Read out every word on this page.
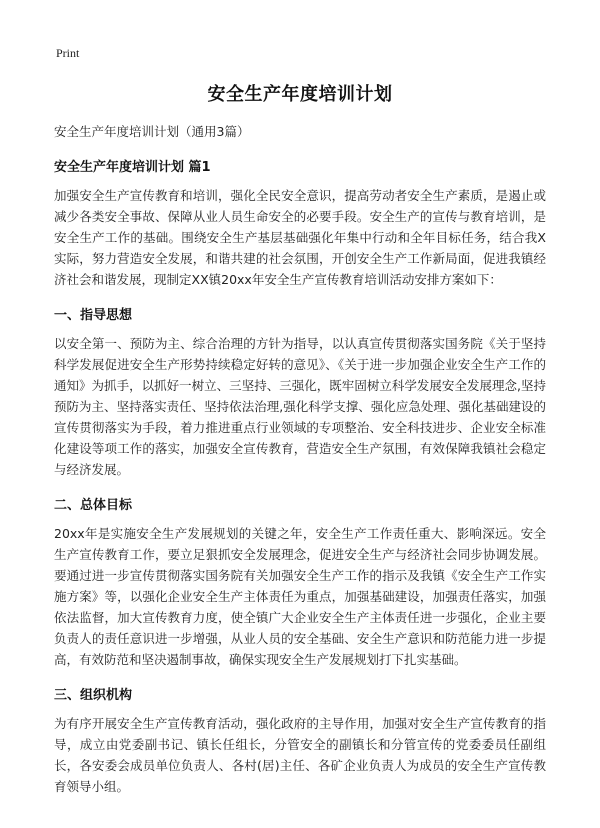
Print
安全生产年度培训计划
安全生产年度培训计划（通用3篇）
安全生产年度培训计划 篇1

加强安全生产宣传教育和培训，强化全民安全意识，提高劳动者安全生产素质，是遏止或减少各类安全事故、保障从业人员生命安全的必要手段。安全生产的宣传与教育培训，是安全生产工作的基础。围绕安全生产基层基础强化年集中行动和全年目标任务，结合我X实际，努力营造安全发展，和谐共建的社会氛围，开创安全生产工作新局面，促进我镇经济社会和谐发展，现制定XX镇20xx年安全生产宣传教育培训活动安排方案如下：

一、指导思想

以安全第一、预防为主、综合治理的方针为指导，以认真宣传贯彻落实国务院《关于坚持科学发展促进安全生产形势持续稳定好转的意见》、《关于进一步加强企业安全生产工作的通知》为抓手，以抓好一树立、三坚持、三强化，既牢固树立科学发展安全发展理念,坚持预防为主、坚持落实责任、坚持依法治理,强化科学支撑、强化应急处理、强化基础建设的宣传贯彻落实为手段，着力推进重点行业领域的专项整治、安全科技进步、企业安全标准化建设等项工作的落实，加强安全宣传教育，营造安全生产氛围，有效保障我镇社会稳定与经济发展。

二、总体目标

20xx年是实施安全生产发展规划的关键之年，安全生产工作责任重大、影响深远。安全生产宣传教育工作，要立足狠抓安全发展理念，促进安全生产与经济社会同步协调发展。要通过进一步宣传贯彻落实国务院有关加强安全生产工作的指示及我镇《安全生产工作实施方案》等，以强化企业安全生产主体责任为重点，加强基础建设，加强责任落实，加强依法监督，加大宣传教育力度，使全镇广大企业安全生产主体责任进一步强化，企业主要负责人的责任意识进一步增强，从业人员的安全基础、安全生产意识和防范能力进一步提高，有效防范和坚决遏制事故，确保实现安全生产发展规划打下扎实基础。

三、组织机构

为有序开展安全生产宣传教育活动，强化政府的主导作用，加强对安全生产宣传教育的指导，成立由党委副书记、镇长任组长，分管安全的副镇长和分管宣传的党委委员任副组长，各安委会成员单位负责人、各村(居)主任、各矿企业负责人为成员的安全生产宣传教育领导小组。
